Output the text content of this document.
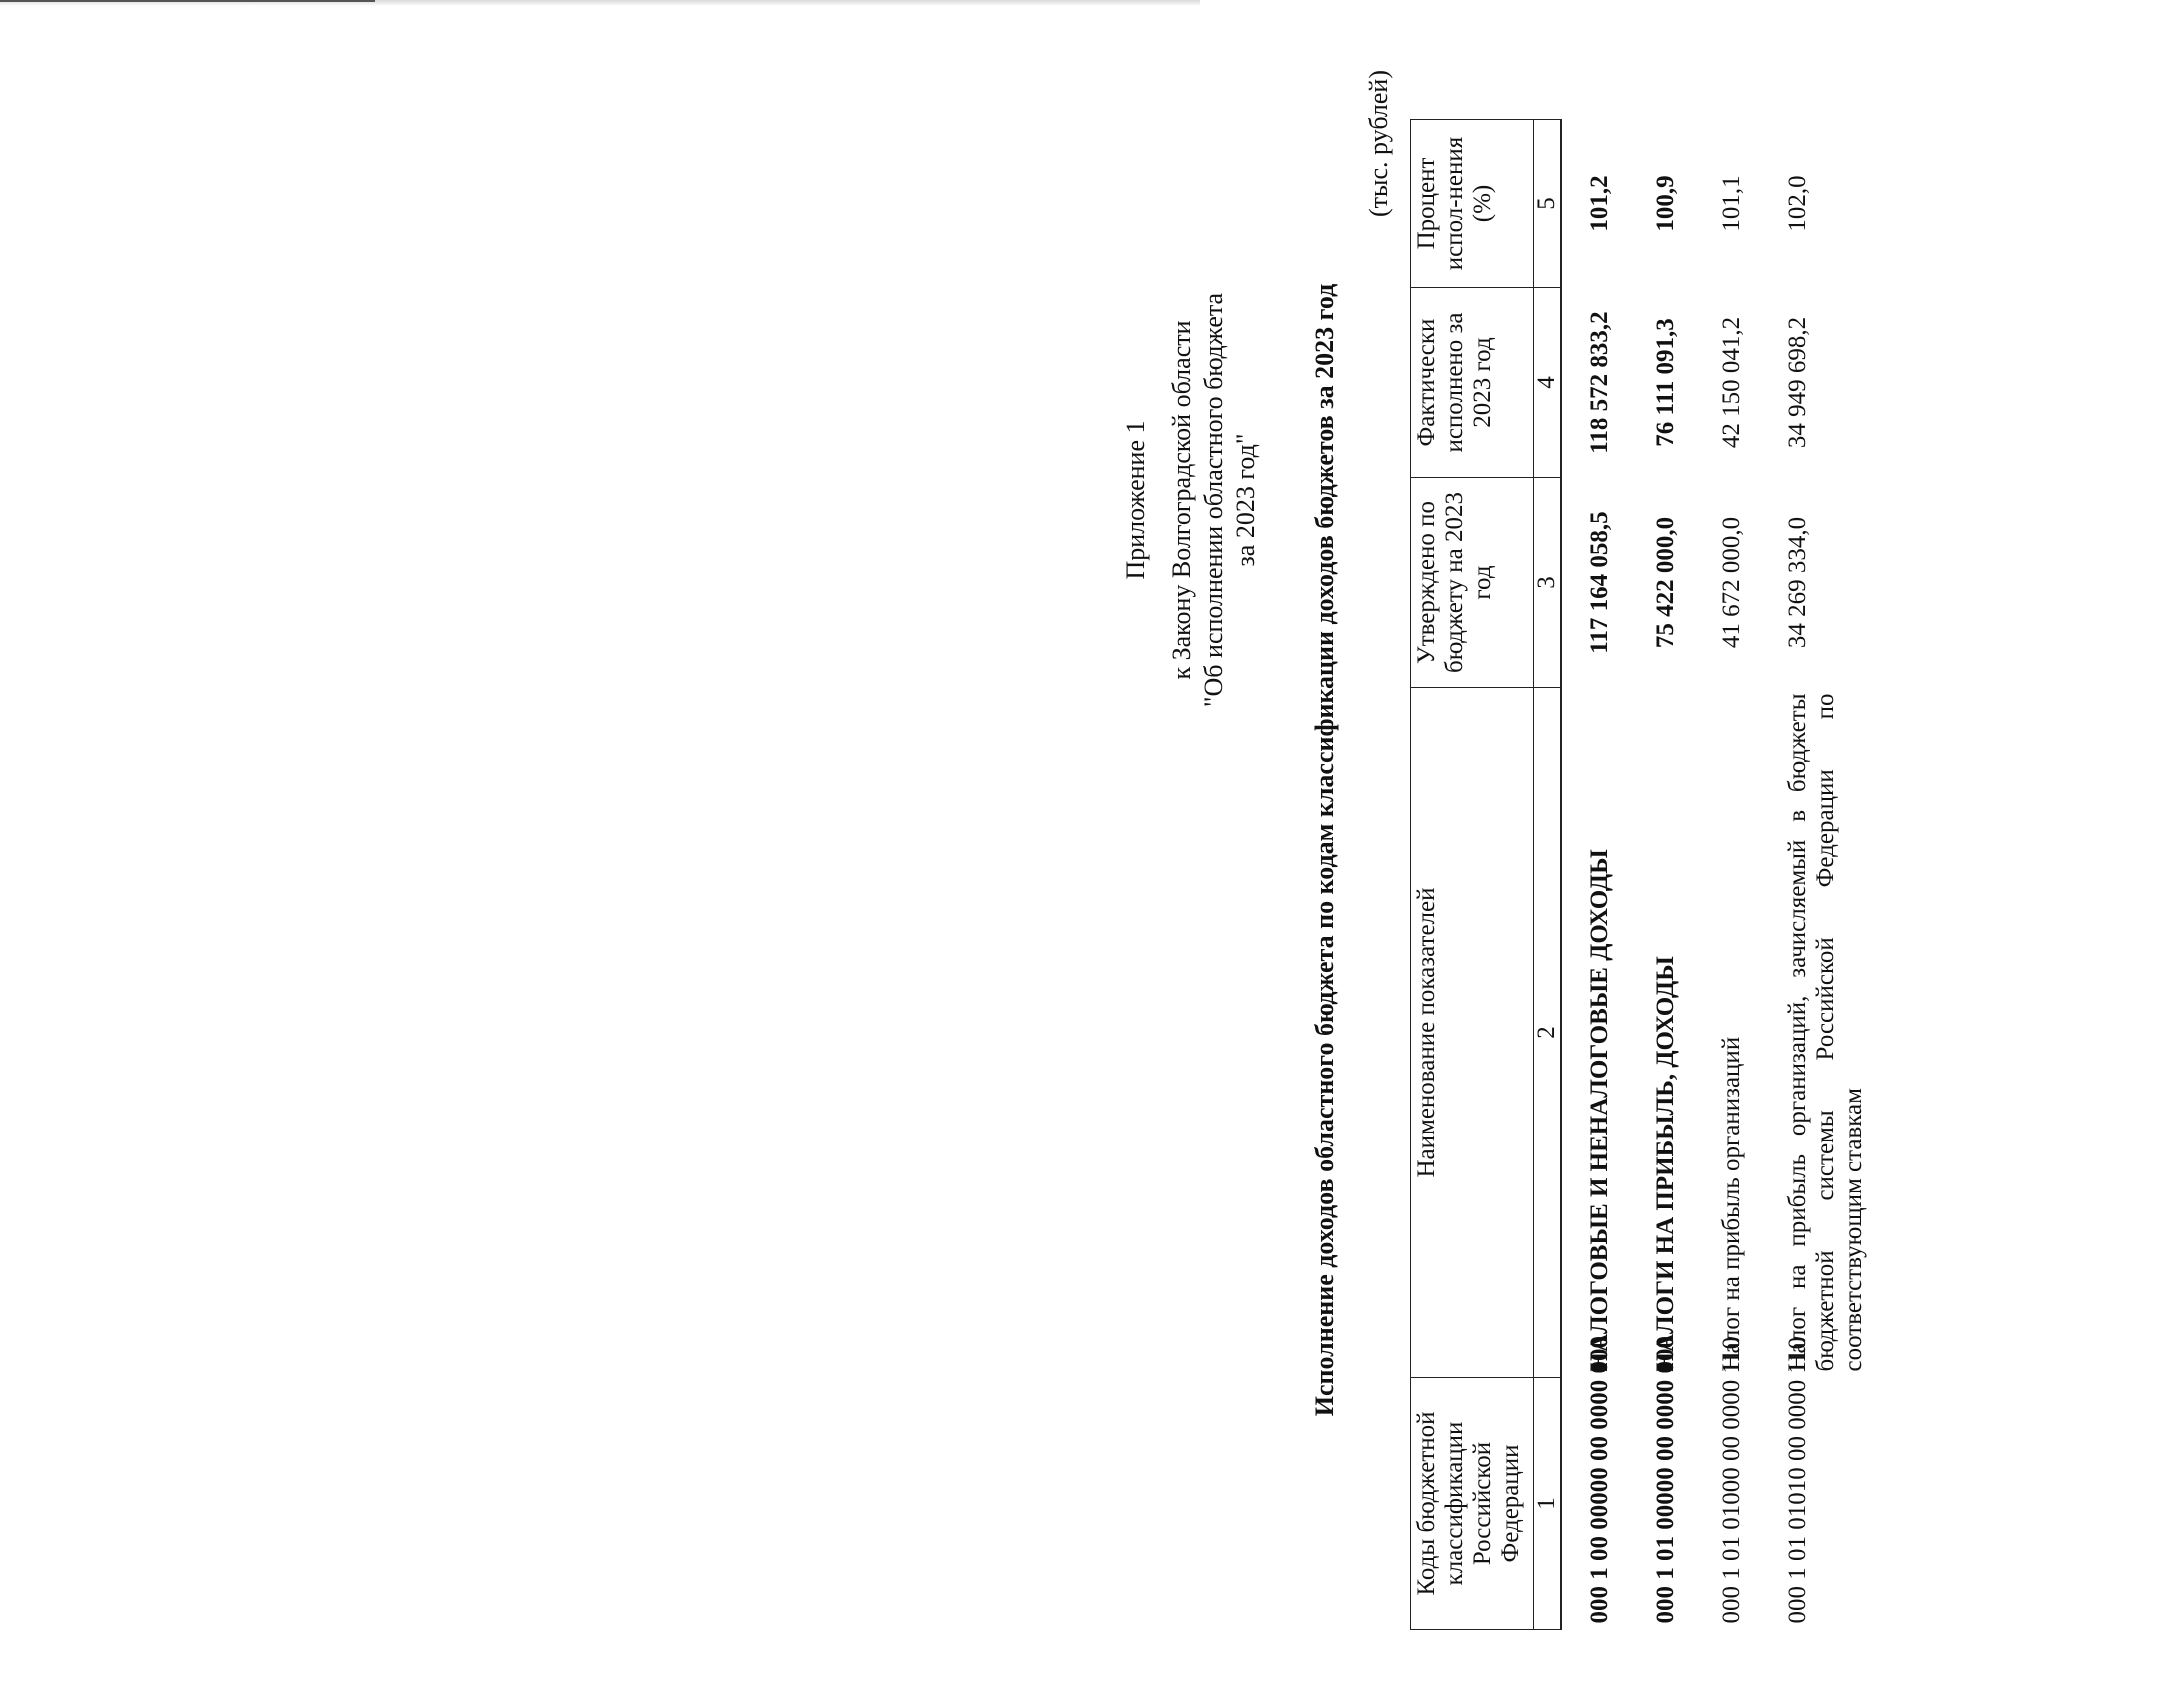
Приложение 1 к Закону Волгоградской области "Об исполнении областного бюджета за 2023 год" Исполнение доходов областного бюджета по кодам классификации доходов бюджетов за 2023 год
(тыс. рублей)
Коды бюджетной классификации Российской Федерации	Наименование показателей	Утверждено по бюджету на 2023 год	Фактически исполнено за 2023 год	Процент испол-нения (%)
1	2	3	4	5
000 1 00 00000 00 0000 000	НАЛОГОВЫЕ И НЕНАЛОГОВЫЕ ДОХОДЫ	117 164 058,5	118 572 833,2	101,2
000 1 01 00000 00 0000 000	НАЛОГИ НА ПРИБЫЛЬ, ДОХОДЫ	75 422 000,0	76 111 091,3	100,9
000 1 01 01000 00 0000 110	Налог на прибыль организаций	41 672 000,0	42 150 041,2	101,1
000 1 01 01010 00 0000 110	Налог на прибыль организаций, зачисляемый в бюджеты бюджетной системы Российской Федерации по соответствующим ставкам	34 269 334,0	34 949 698,2	102,0
